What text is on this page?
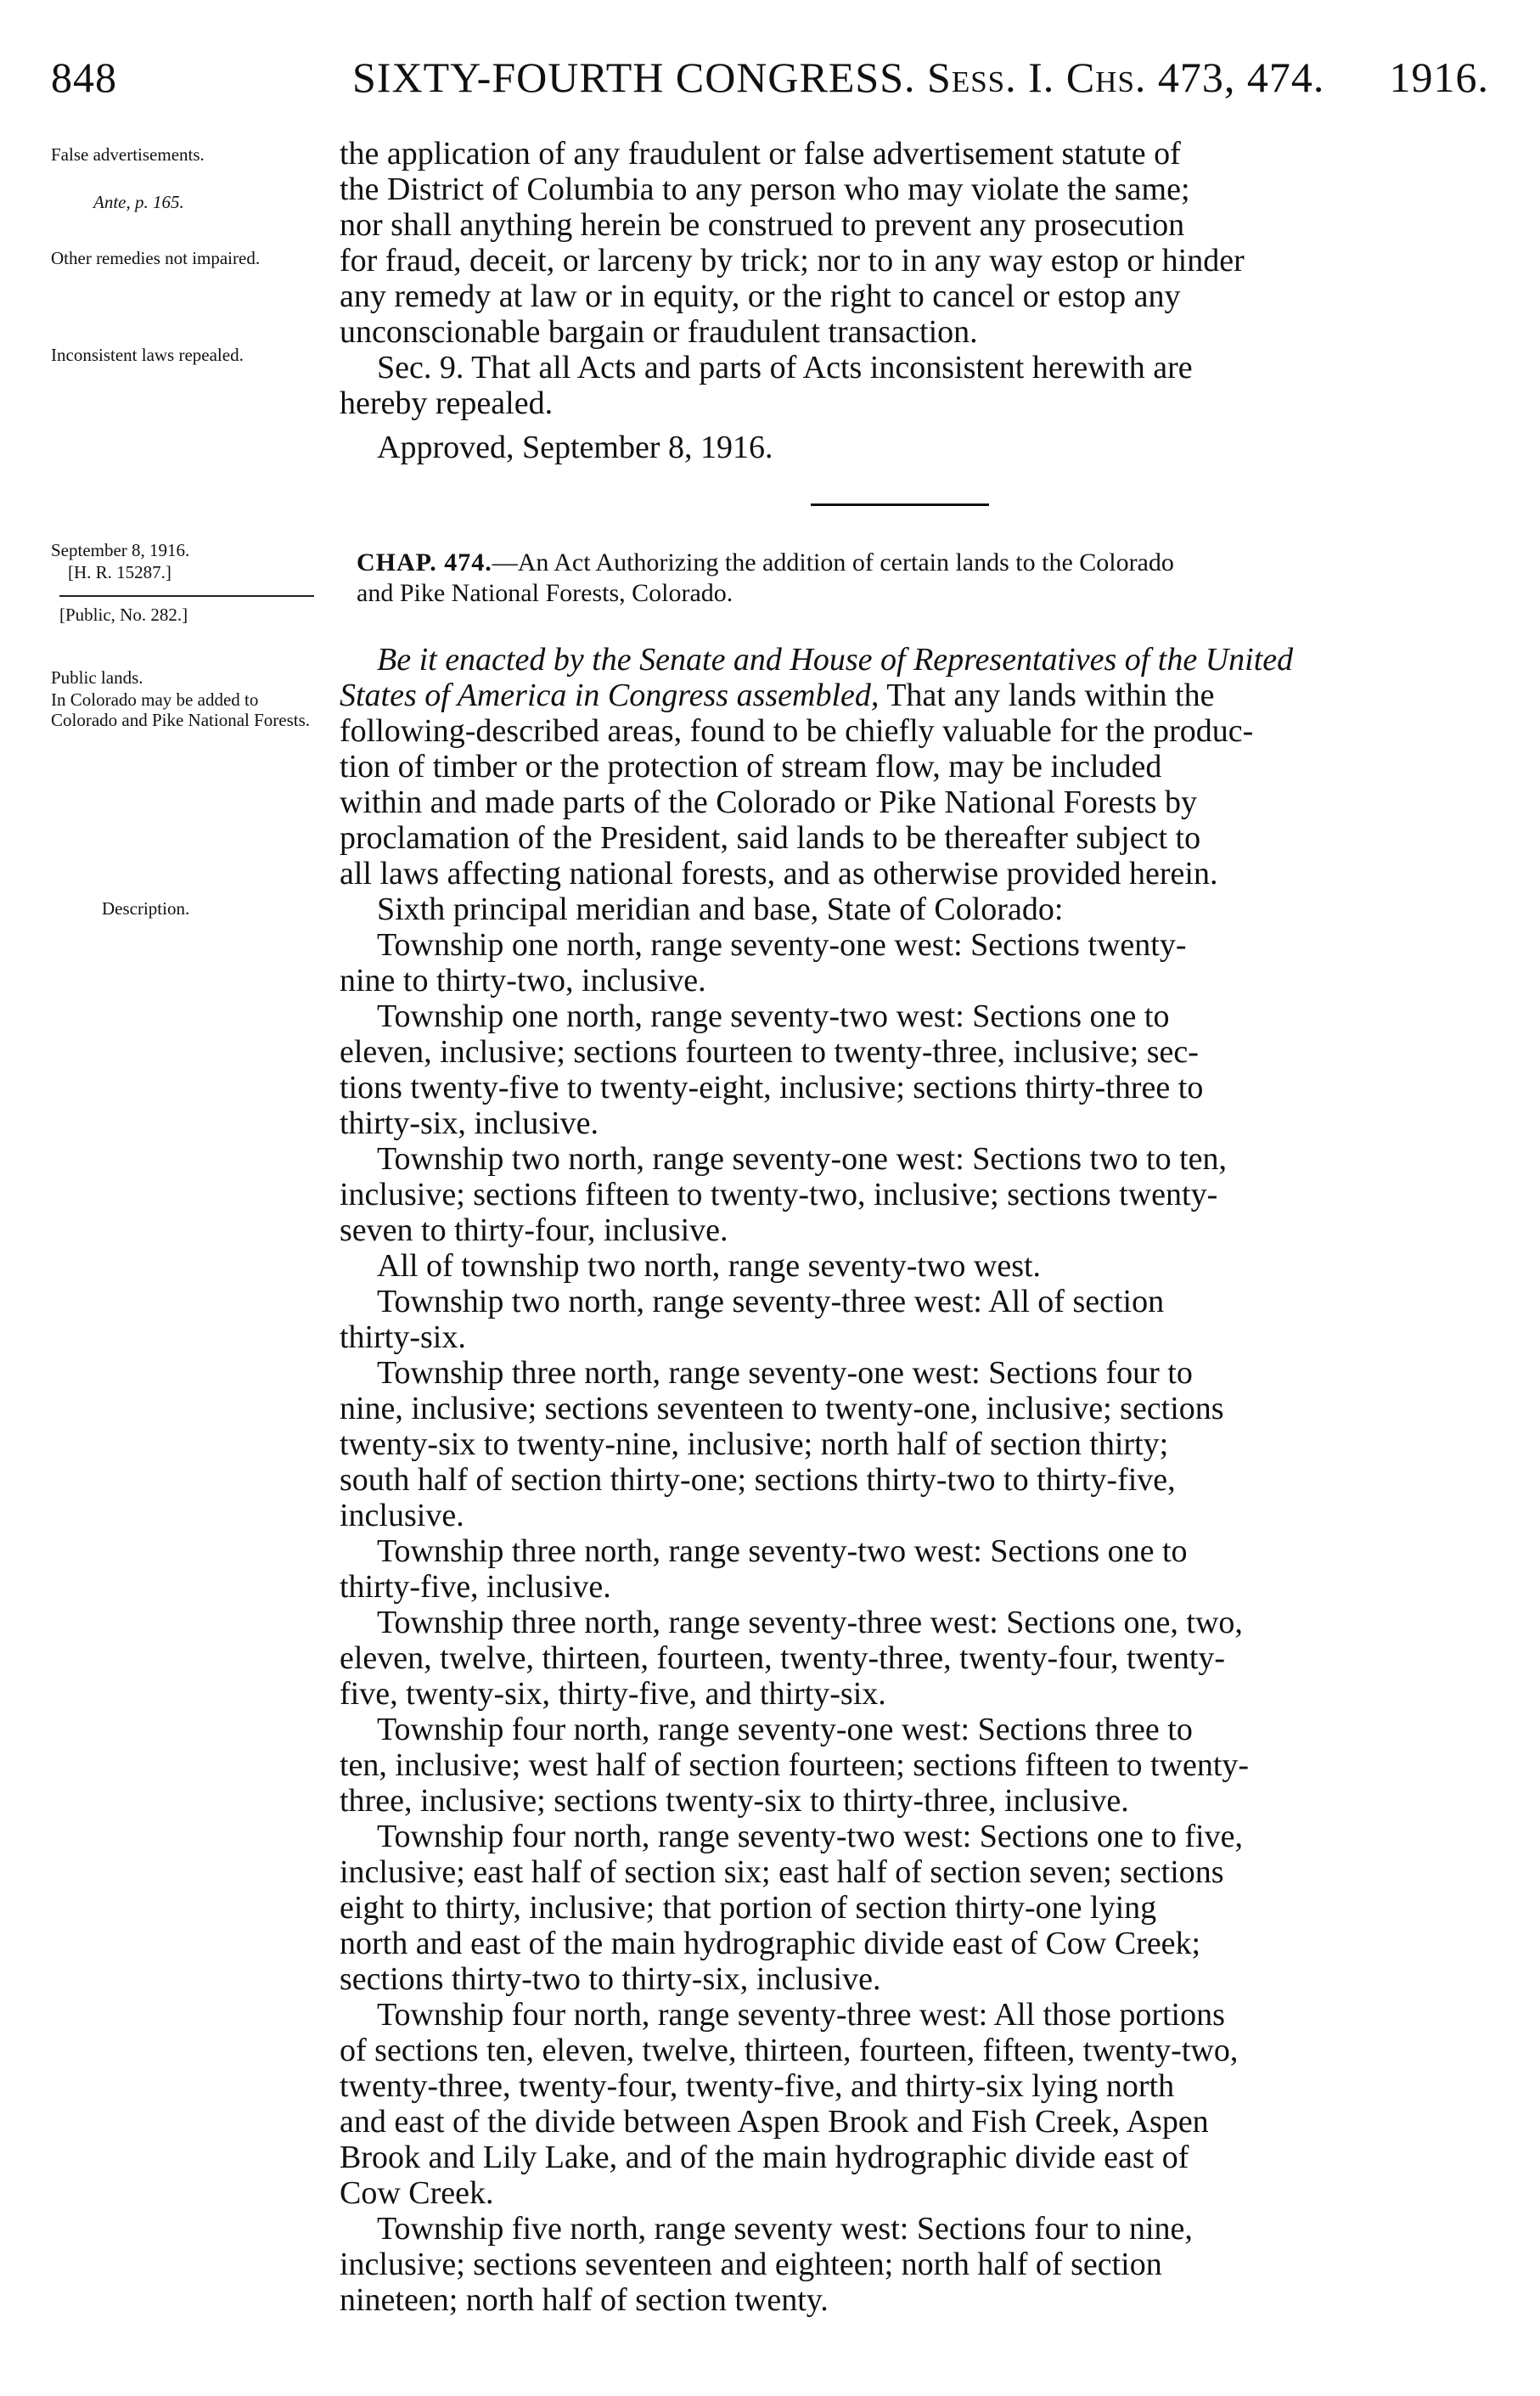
848	SIXTY-FOURTH CONGRESS. Sess. I. Chs. 473, 474. 1916.
False advertisements.
Ante, p. 165.
Other remedies not impaired.
Inconsistent laws repealed.
September 8, 1916.
[H. R. 15287.]
[Public, No. 282.]
Public lands.
In Colorado may be added to Colorado and Pike National Forests.
Description.
the application of any fraudulent or false advertisement statute of
the District of Columbia to any person who may violate the same;
nor shall anything herein be construed to prevent any prosecution
for fraud, deceit, or larceny by trick; nor to in any way estop or hinder
any remedy at law or in equity, or the right to cancel or estop any
unconscionable bargain or fraudulent transaction.
Sec. 9. That all Acts and parts of Acts inconsistent herewith are
hereby repealed.
Approved, September 8, 1916.
CHAP. 474.—An Act Authorizing the addition of certain lands to the Colorado
and Pike National Forests, Colorado.
Be it enacted by the Senate and House of Representatives of the United
States of America in Congress assembled, That any lands within the
following-described areas, found to be chiefly valuable for the produc-
tion of timber or the protection of stream flow, may be included
within and made parts of the Colorado or Pike National Forests by
proclamation of the President, said lands to be thereafter subject to
all laws affecting national forests, and as otherwise provided herein.
Sixth principal meridian and base, State of Colorado:
Township one north, range seventy-one west: Sections twenty-
nine to thirty-two, inclusive.
Township one north, range seventy-two west: Sections one to
eleven, inclusive; sections fourteen to twenty-three, inclusive; sec-
tions twenty-five to twenty-eight, inclusive; sections thirty-three to
thirty-six, inclusive.
Township two north, range seventy-one west: Sections two to ten,
inclusive; sections fifteen to twenty-two, inclusive; sections twenty-
seven to thirty-four, inclusive.
All of township two north, range seventy-two west.
Township two north, range seventy-three west: All of section
thirty-six.
Township three north, range seventy-one west: Sections four to
nine, inclusive; sections seventeen to twenty-one, inclusive; sections
twenty-six to twenty-nine, inclusive; north half of section thirty;
south half of section thirty-one; sections thirty-two to thirty-five,
inclusive.
Township three north, range seventy-two west: Sections one to
thirty-five, inclusive.
Township three north, range seventy-three west: Sections one, two,
eleven, twelve, thirteen, fourteen, twenty-three, twenty-four, twenty-
five, twenty-six, thirty-five, and thirty-six.
Township four north, range seventy-one west: Sections three to
ten, inclusive; west half of section fourteen; sections fifteen to twenty-
three, inclusive; sections twenty-six to thirty-three, inclusive.
Township four north, range seventy-two west: Sections one to five,
inclusive; east half of section six; east half of section seven; sections
eight to thirty, inclusive; that portion of section thirty-one lying
north and east of the main hydrographic divide east of Cow Creek;
sections thirty-two to thirty-six, inclusive.
Township four north, range seventy-three west: All those portions
of sections ten, eleven, twelve, thirteen, fourteen, fifteen, twenty-two,
twenty-three, twenty-four, twenty-five, and thirty-six lying north
and east of the divide between Aspen Brook and Fish Creek, Aspen
Brook and Lily Lake, and of the main hydrographic divide east of
Cow Creek.
Township five north, range seventy west: Sections four to nine,
inclusive; sections seventeen and eighteen; north half of section
nineteen; north half of section twenty.
